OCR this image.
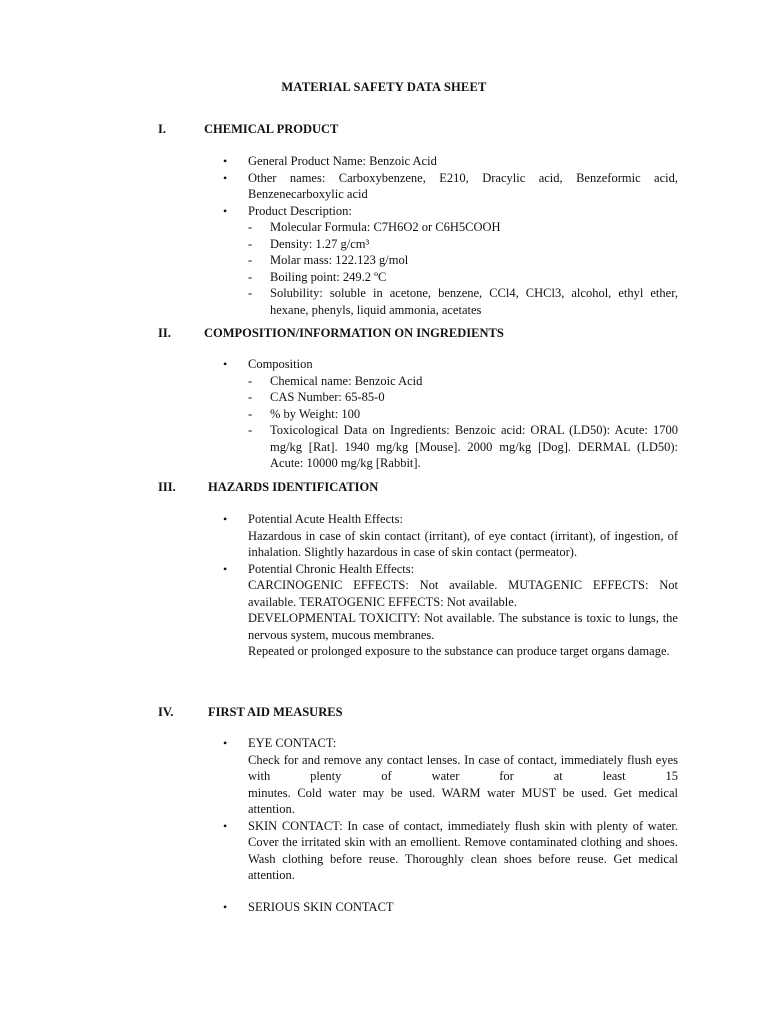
MATERIAL SAFETY DATA SHEET
I.	CHEMICAL PRODUCT
• General Product Name: Benzoic Acid
• Other names: Carboxybenzene, E210, Dracylic acid, Benzeformic acid, Benzenecarboxylic acid
• Product Description:
- Molecular Formula: C7H6O2 or C6H5COOH
- Density: 1.27 g/cm³
- Molar mass: 122.123 g/mol
- Boiling point: 249.2 ºC
- Solubility: soluble in acetone, benzene, CCl4, CHCl3, alcohol, ethyl ether, hexane, phenyls, liquid ammonia, acetates
II.	COMPOSITION/INFORMATION ON INGREDIENTS
• Composition
- Chemical name: Benzoic Acid
- CAS Number: 65-85-0
- % by Weight: 100
- Toxicological Data on Ingredients: Benzoic acid: ORAL (LD50): Acute: 1700 mg/kg [Rat]. 1940 mg/kg [Mouse]. 2000 mg/kg [Dog]. DERMAL (LD50): Acute: 10000 mg/kg [Rabbit].
III.	HAZARDS IDENTIFICATION
• Potential Acute Health Effects:
Hazardous in case of skin contact (irritant), of eye contact (irritant), of ingestion, of inhalation. Slightly hazardous in case of skin contact (permeator).
• Potential Chronic Health Effects:
CARCINOGENIC EFFECTS: Not available. MUTAGENIC EFFECTS: Not available. TERATOGENIC EFFECTS: Not available.
DEVELOPMENTAL TOXICITY: Not available. The substance is toxic to lungs, the nervous system, mucous membranes.
Repeated or prolonged exposure to the substance can produce target organs damage.
IV.	FIRST AID MEASURES
• EYE CONTACT:
Check for and remove any contact lenses. In case of contact, immediately flush eyes with plenty of water for at least 15
minutes. Cold water may be used. WARM water MUST be used. Get medical attention.
• SKIN CONTACT: In case of contact, immediately flush skin with plenty of water. Cover the irritated skin with an emollient. Remove contaminated clothing and shoes. Wash clothing before reuse. Thoroughly clean shoes before reuse. Get medical attention.
• SERIOUS SKIN CONTACT
